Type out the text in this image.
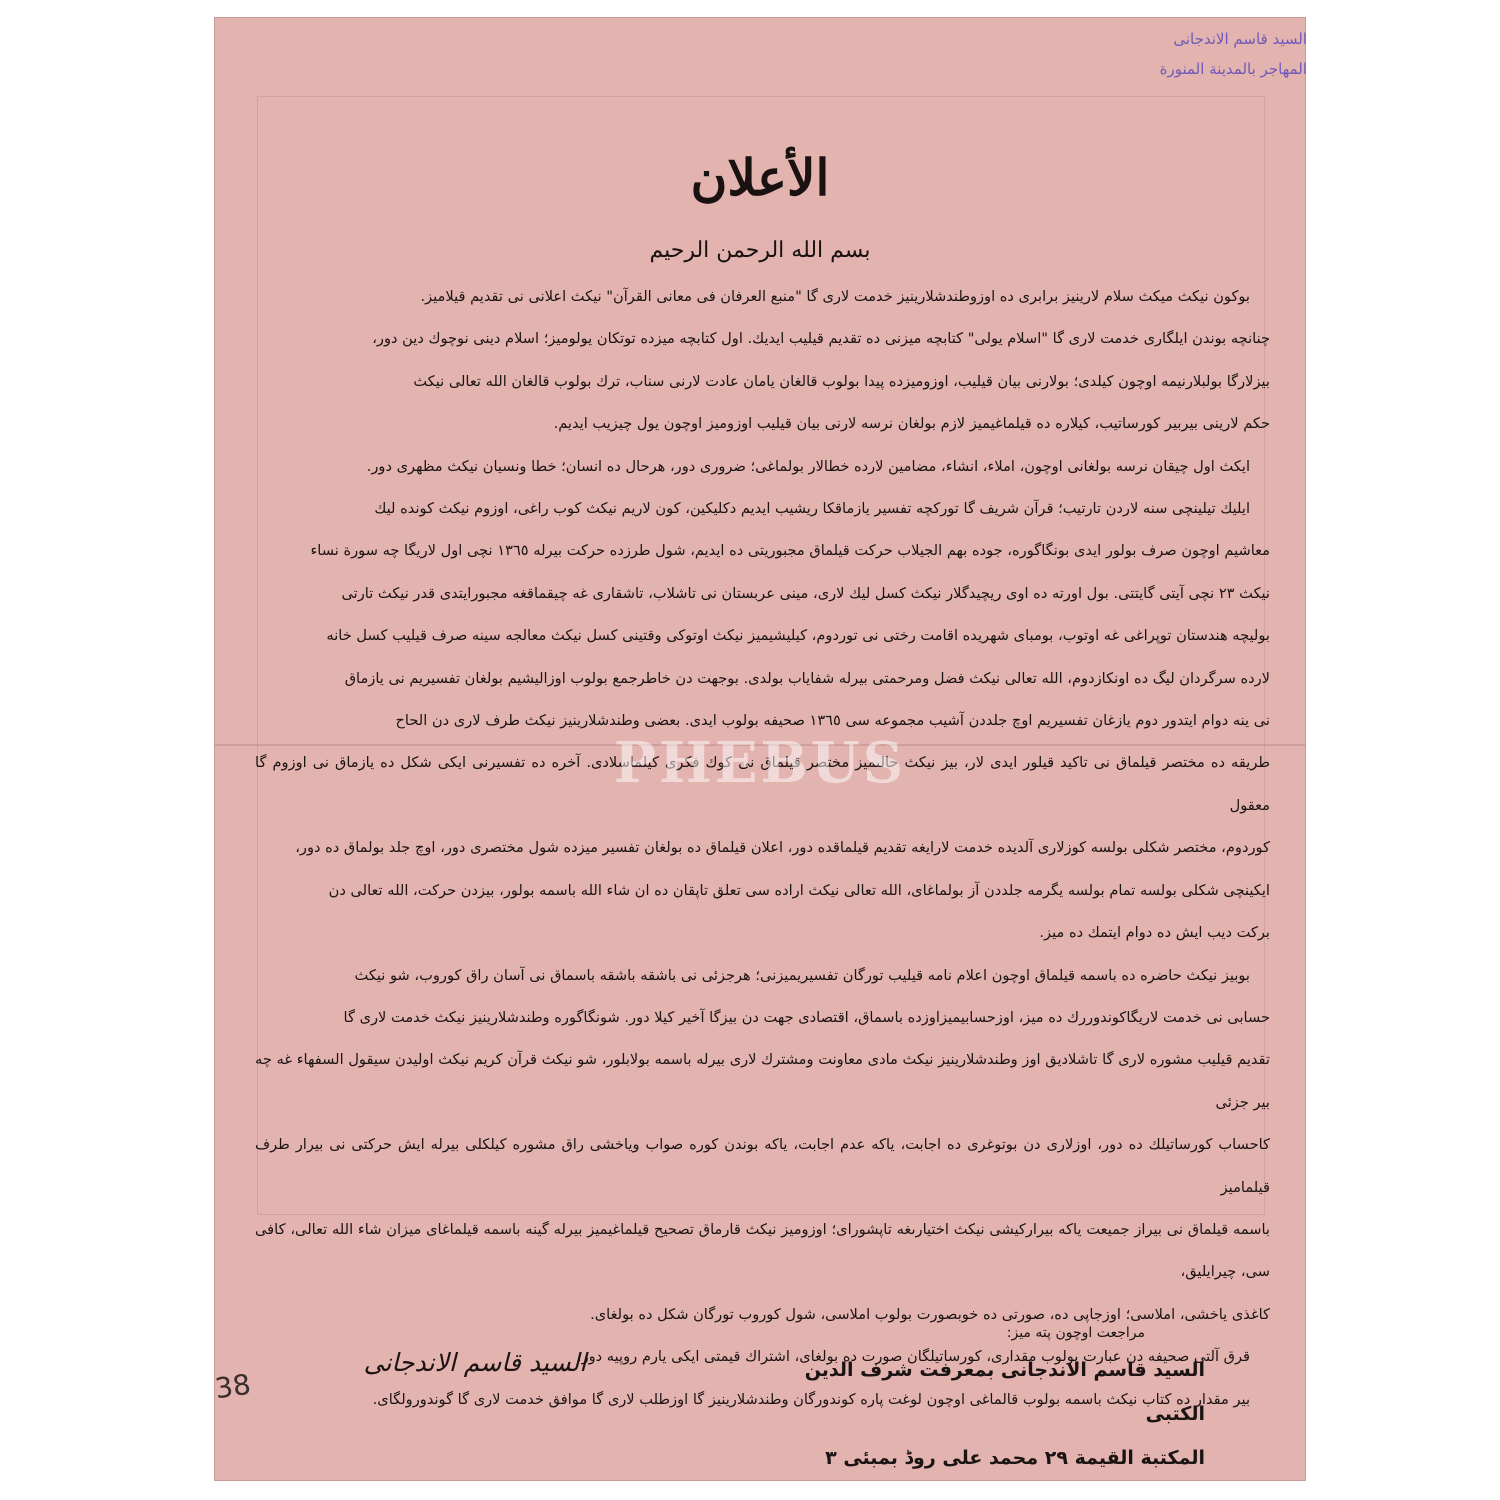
السيد قاسم الاندجانى
المهاجر بالمدينة المنورة
الأعلان
بسم الله الرحمن الرحيم

بوكون نيكث ميكث سلام لارينيز برابرى ده اوزوطندشلارينيز خدمت لارى گا "منبع العرفان فى معانى القرآن" نيكث اعلانى نى تقديم قيلاميز.

چنانچه بوندن ايلگارى خدمت لارى گا "اسلام يولى" كتابچه ميزنى ده تقديم قيليب ايديك. اول كتابچه ميزده توتكان يولوميز؛ اسلام دينى نوچوك دين دور،

بيزلارگا بولبلارنيمه اوچون كيلدى؛ بولارنى بيان قيليب، اوزوميزده پيدا بولوب قالغان يامان عادت لارنى سناب، ترك بولوب قالغان الله تعالى نيكث

حكم لارينى بيربير كورساتيب، كيلاره ده قيلماغيميز لازم بولغان نرسه لارنى بيان قيليب اوزوميز اوچون يول چيزيب ايديم.

ايكث اول چيقان نرسه بولغانى اوچون، املاء، انشاء، مضامين لارده خطالار بولماغى؛ ضرورى دور، هرحال ده انسان؛ خطا ونسيان نيكث مظهرى دور.

ايليك تيلينچى سنه لاردن تارتيب؛ قرآن شريف گا توركچه تفسير يازماقكا ريشيب ايديم دكليكين، كون لاريم نيكث كوب راغى، اوزوم نيكث كونده ليك

معاشيم اوچون صرف بولور ايدى بونگاگوره، جوده بهم الجيلاب حركت قيلماق مجبوريتى ده ايديم، شول طرزده حركت بيرله ١٣٦٥ نچى اول لاريگا چه سورة نساء

نيكث ٢٣ نچى آيتى گايتتى. بول اورته ده اوى ريچيدگلار نيكث كسل ليك لارى، مينى عربستان نى تاشلاب، تاشقارى غه چيقماقغه مجبورايتدى قدر نيكث تارتى

بوليچه هندستان توپراغى غه اوتوب، بومباى شهريده اقامت رختى نى توردوم، كيليشيميز نيكث اوتوكى وقتينى كسل نيكث معالجه سينه صرف قيليب كسل خانه

لارده سرگردان ليگ ده اونكازدوم، الله تعالى نيكث فضل ومرحمتى بيرله شفاياب بولدى. بوجهت دن خاطرجمع بولوب اوزاليشيم بولغان تفسيريم نى يازماق

نى ينه دوام ايتدور دوم يازغان تفسيريم اوچ جلددن آشيب مجموعه سى ١٣٦٥ صحيفه بولوب ايدى. بعضى وطندشلارينيز نيكث طرف لارى دن الحاح

طريقه ده مختصر قيلماق نى تاكيد قيلور ايدى لار، بيز نيكث حالىميز مختصر قيلماق نى كوك فكرى كيلماسلادى. آخره ده تفسيرنى ايكى شكل ده يازماق نى اوزوم گا معقول

كوردوم، مختصر شكلى بولسه كوزلارى آلديده خدمت لارايغه تقديم قيلماقده دور، اعلان قيلماق ده بولغان تفسير ميزده شول مختصرى دور، اوچ جلد بولماق ده دور،

ايكينچى شكلى بولسه تمام بولسه يگرمه جلددن آز بولماغاى، الله تعالى نيكث اراده سى تعلق تاپقان ده ان شاء الله باسمه بولور، بيزدن حركت، الله تعالى دن

بركت ديب ايش ده دوام ايتمك ده ميز.

بوبيز نيكث حاضره ده باسمه قيلماق اوچون اعلام نامه قيليب تورگان تفسيريميزنى؛ هرجزئى نى باشقه باشقه باسماق نى آسان راق كوروب، شو نيكث

حسابى نى خدمت لاريگاكوندوررك ده ميز، اوزحسابيميزاوزده باسماق، اقتصادى جهت دن بيزگا آخير كيلا دور. شونگاگوره وطندشلارينيز نيكث خدمت لارى گا

تقديم قيليب مشوره لارى گا تاشلاديق اوز وطندشلارينيز نيكث مادى معاونت ومشترك لارى بيرله باسمه بولابلور، شو نيكث قرآن كريم نيكث اوليدن سيقول السفهاء غه چه بير جزئى

كاحساب كورساتيلك ده دور، اوزلارى دن بوتوغرى ده اجابت، ياكه عدم اجابت، ياكه بوندن كوره صواب وياخشى راق مشوره كيلكلى بيرله ايش حركتى نى بيرار طرف قيلماميز

باسمه قيلماق نى بيراز جميعت ياكه بيراركيشى نيكث اختيارىغه تاپشوراى؛ اوزوميز نيكث قارماق تصحيح قيلماغيميز بيرله گينه باسمه قيلماغاى ميزان شاء الله تعالى، كافى سى، چيرايليق،

كاغذى ياخشى، املاسى؛ اوزجاپى ده، صورتى ده خوبصورت بولوب املاسى، شول كوروب تورگان شكل ده بولغاى.

قرق آلتى صحيفه دن عبارت بولوب مقدارى، كورساتيلگان صورت ده بولغاى، اشتراك قيمتى ايكى يارم روپيه دور.

بير مقدار ده كتاب نيكث باسمه بولوب قالماغى اوچون لوغت پاره كوندورگان وطندشلارينيز گا اوزطلب لارى گا موافق خدمت لارى گا گوندورولگاى.

PHEBUS
مراجعت اوچون پته ميز:
السيد قاسم الاندجانى بمعرفت شرف الدين الكتبى
المكتبة القيمة ٢٩ محمد على روڈ بمبئى ٣
السيد قاسم الاندجانى
38
